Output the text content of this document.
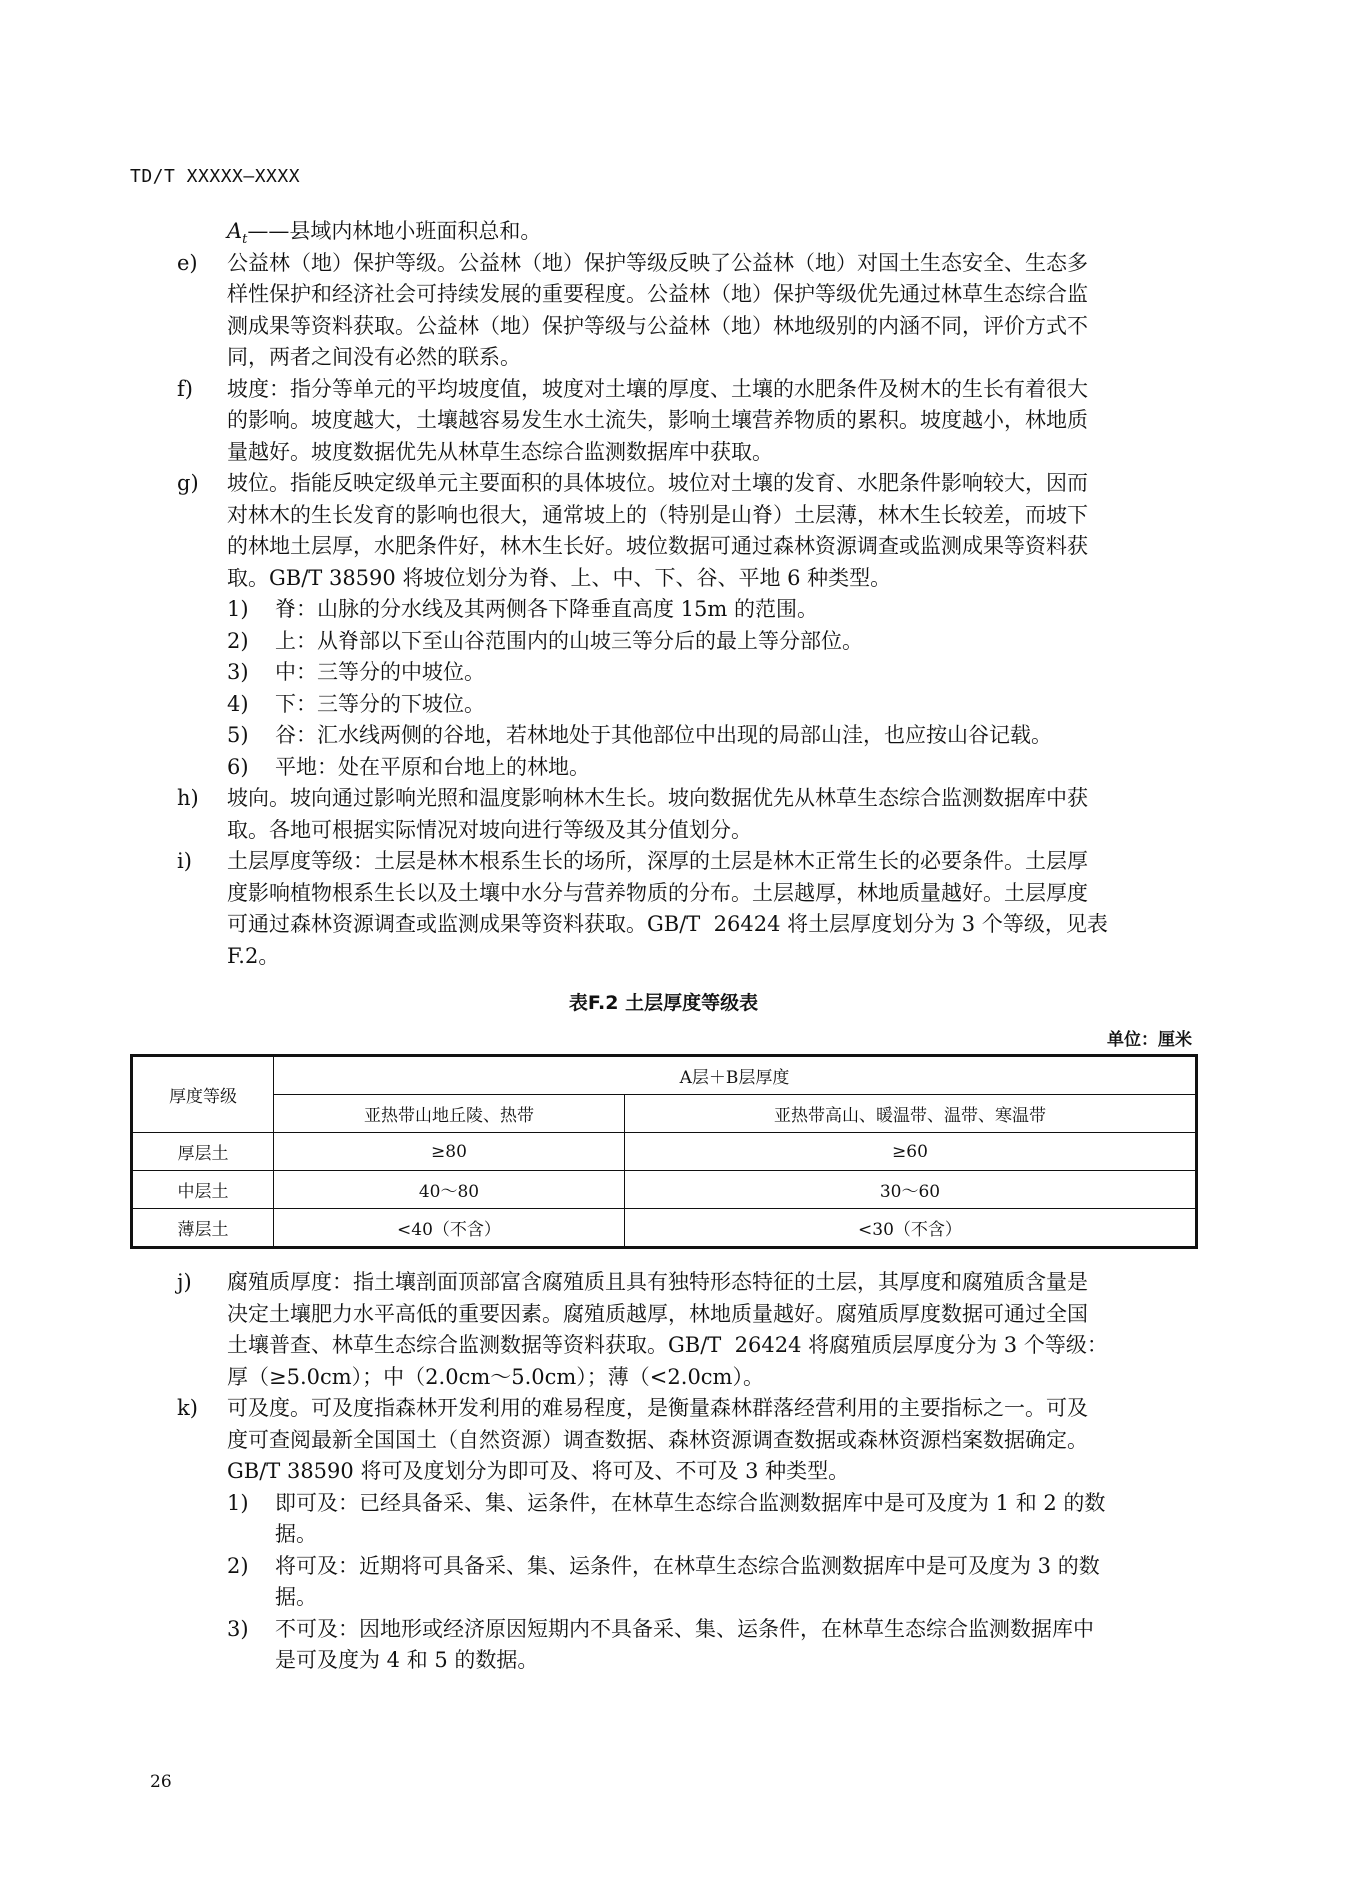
TD/T XXXXX—XXXX
$A_t——$县域内林地小班面积总和。
e)	公益林（地）保护等级。公益林（地）保护等级反映了公益林（地）对国土生态安全、生态多
样性保护和经济社会可持续发展的重要程度。公益林（地）保护等级优先通过林草生态综合监
测成果等资料获取。公益林（地）保护等级与公益林（地）林地级别的内涵不同，评价方式不
同，两者之间没有必然的联系。
f)	坡度：指分等单元的平均坡度值，坡度对土壤的厚度、土壤的水肥条件及树木的生长有着很大
的影响。坡度越大，土壤越容易发生水土流失，影响土壤营养物质的累积。坡度越小，林地质
量越好。坡度数据优先从林草生态综合监测数据库中获取。
g)	坡位。指能反映定级单元主要面积的具体坡位。坡位对土壤的发育、水肥条件影响较大，因而
对林木的生长发育的影响也很大，通常坡上的（特别是山脊）土层薄，林木生长较差，而坡下
的林地土层厚，水肥条件好，林木生长好。坡位数据可通过森林资源调查或监测成果等资料获
取。GB/T 38590 将坡位划分为脊、上、中、下、谷、平地 6 种类型。
1)	脊：山脉的分水线及其两侧各下降垂直高度 15m 的范围。
2)	上：从脊部以下至山谷范围内的山坡三等分后的最上等分部位。
3)	中：三等分的中坡位。
4)	下：三等分的下坡位。
5)	谷：汇水线两侧的谷地，若林地处于其他部位中出现的局部山洼，也应按山谷记载。
6)	平地：处在平原和台地上的林地。
h)	坡向。坡向通过影响光照和温度影响林木生长。坡向数据优先从林草生态综合监测数据库中获
取。各地可根据实际情况对坡向进行等级及其分值划分。
i)	土层厚度等级：土层是林木根系生长的场所，深厚的土层是林木正常生长的必要条件。土层厚
度影响植物根系生长以及土壤中水分与营养物质的分布。土层越厚，林地质量越好。土层厚度
可通过森林资源调查或监测成果等资料获取。GB/T  26424 将土层厚度划分为 3 个等级，见表
F.2。
表F.2 土层厚度等级表
单位：厘米
厚度等级	A层＋B层厚度	
	亚热带山地丘陵、热带	亚热带高山、暖温带、温带、寒温带
厚层土	≥80	≥60
中层土	40～80	30～60
薄层土	<40（不含）	<30（不含）
j)	腐殖质厚度：指土壤剖面顶部富含腐殖质且具有独特形态特征的土层，其厚度和腐殖质含量是
决定土壤肥力水平高低的重要因素。腐殖质越厚，林地质量越好。腐殖质厚度数据可通过全国
土壤普查、林草生态综合监测数据等资料获取。GB/T  26424 将腐殖质层厚度分为 3 个等级：
厚（≥5.0cm）；中（2.0cm～5.0cm）；薄（<2.0cm）。
k)	可及度。可及度指森林开发利用的难易程度，是衡量森林群落经营利用的主要指标之一。可及
度可查阅最新全国国土（自然资源）调查数据、森林资源调查数据或森林资源档案数据确定。
GB/T 38590 将可及度划分为即可及、将可及、不可及 3 种类型。
1)	即可及：已经具备采、集、运条件，在林草生态综合监测数据库中是可及度为 1 和 2 的数
据。
2)	将可及：近期将可具备采、集、运条件，在林草生态综合监测数据库中是可及度为 3 的数
据。
3)	不可及：因地形或经济原因短期内不具备采、集、运条件，在林草生态综合监测数据库中
是可及度为 4 和 5 的数据。
26
